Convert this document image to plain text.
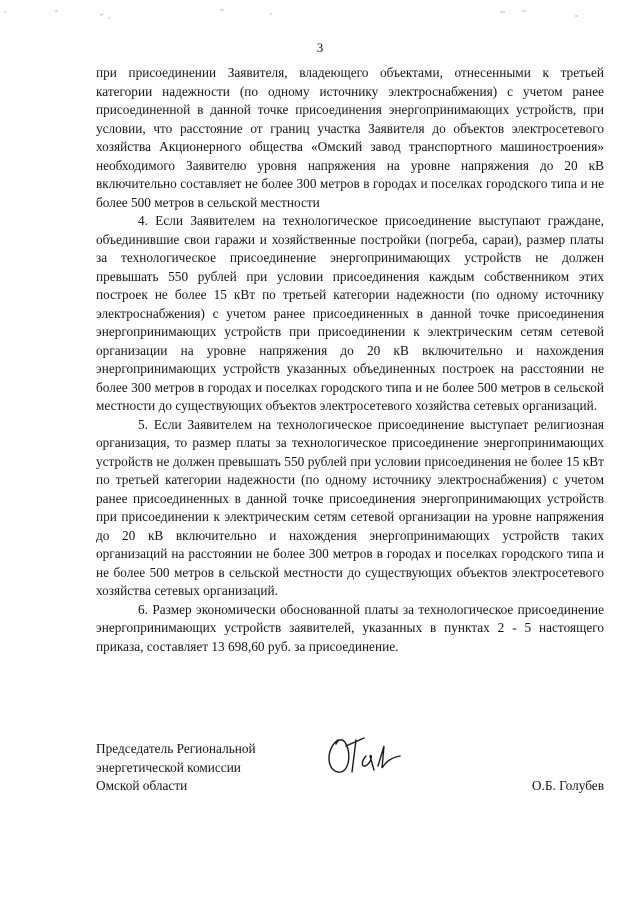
3

при присоединении Заявителя, владеющего объектами, отнесенными к третьей категории надежности (по одному источнику электроснабжения) с учетом ранее присоединенной в данной точке присоединения энергопринимающих устройств, при условии, что расстояние от границ участка Заявителя до объектов электросетевого хозяйства Акционерного общества «Омский завод транспортного машиностроения» необходимого Заявителю уровня напряжения на уровне напряжения до 20 кВ включительно составляет не более 300 метров в городах и поселках городского типа и не более 500 метров в сельской местности

4. Если Заявителем на технологическое присоединение выступают граждане, объединившие свои гаражи и хозяйственные постройки (погреба, сараи), размер платы за технологическое присоединение энергопринимающих устройств не должен превышать 550 рублей при условии присоединения каждым собственником этих построек не более 15 кВт по третьей категории надежности (по одному источнику электроснабжения) с учетом ранее присоединенных в данной точке присоединения энергопринимающих устройств при присоединении к электрическим сетям сетевой организации на уровне напряжения до 20 кВ включительно и нахождения энергопринимающих устройств указанных объединенных построек на расстоянии не более 300 метров в городах и поселках городского типа и не более 500 метров в сельской местности до существующих объектов электросетевого хозяйства сетевых организаций.

5. Если Заявителем на технологическое присоединение выступает религиозная организация, то размер платы за технологическое присоединение энергопринимающих устройств не должен превышать 550 рублей при условии присоединения не более 15 кВт по третьей категории надежности (по одному источнику электроснабжения) с учетом ранее присоединенных в данной точке присоединения энергопринимающих устройств при присоединении к электрическим сетям сетевой организации на уровне напряжения до 20 кВ включительно и нахождения энергопринимающих устройств таких организаций на расстоянии не более 300 метров в городах и поселках городского типа и не более 500 метров в сельской местности до существующих объектов электросетевого хозяйства сетевых организаций.

6. Размер экономически обоснованной платы за технологическое присоединение энергопринимающих устройств заявителей, указанных в пунктах 2 - 5 настоящего приказа, составляет 13 698,60 руб. за присоединение.

Председатель Региональной
энергетической комиссии
Омской области	О.Б. Голубев
